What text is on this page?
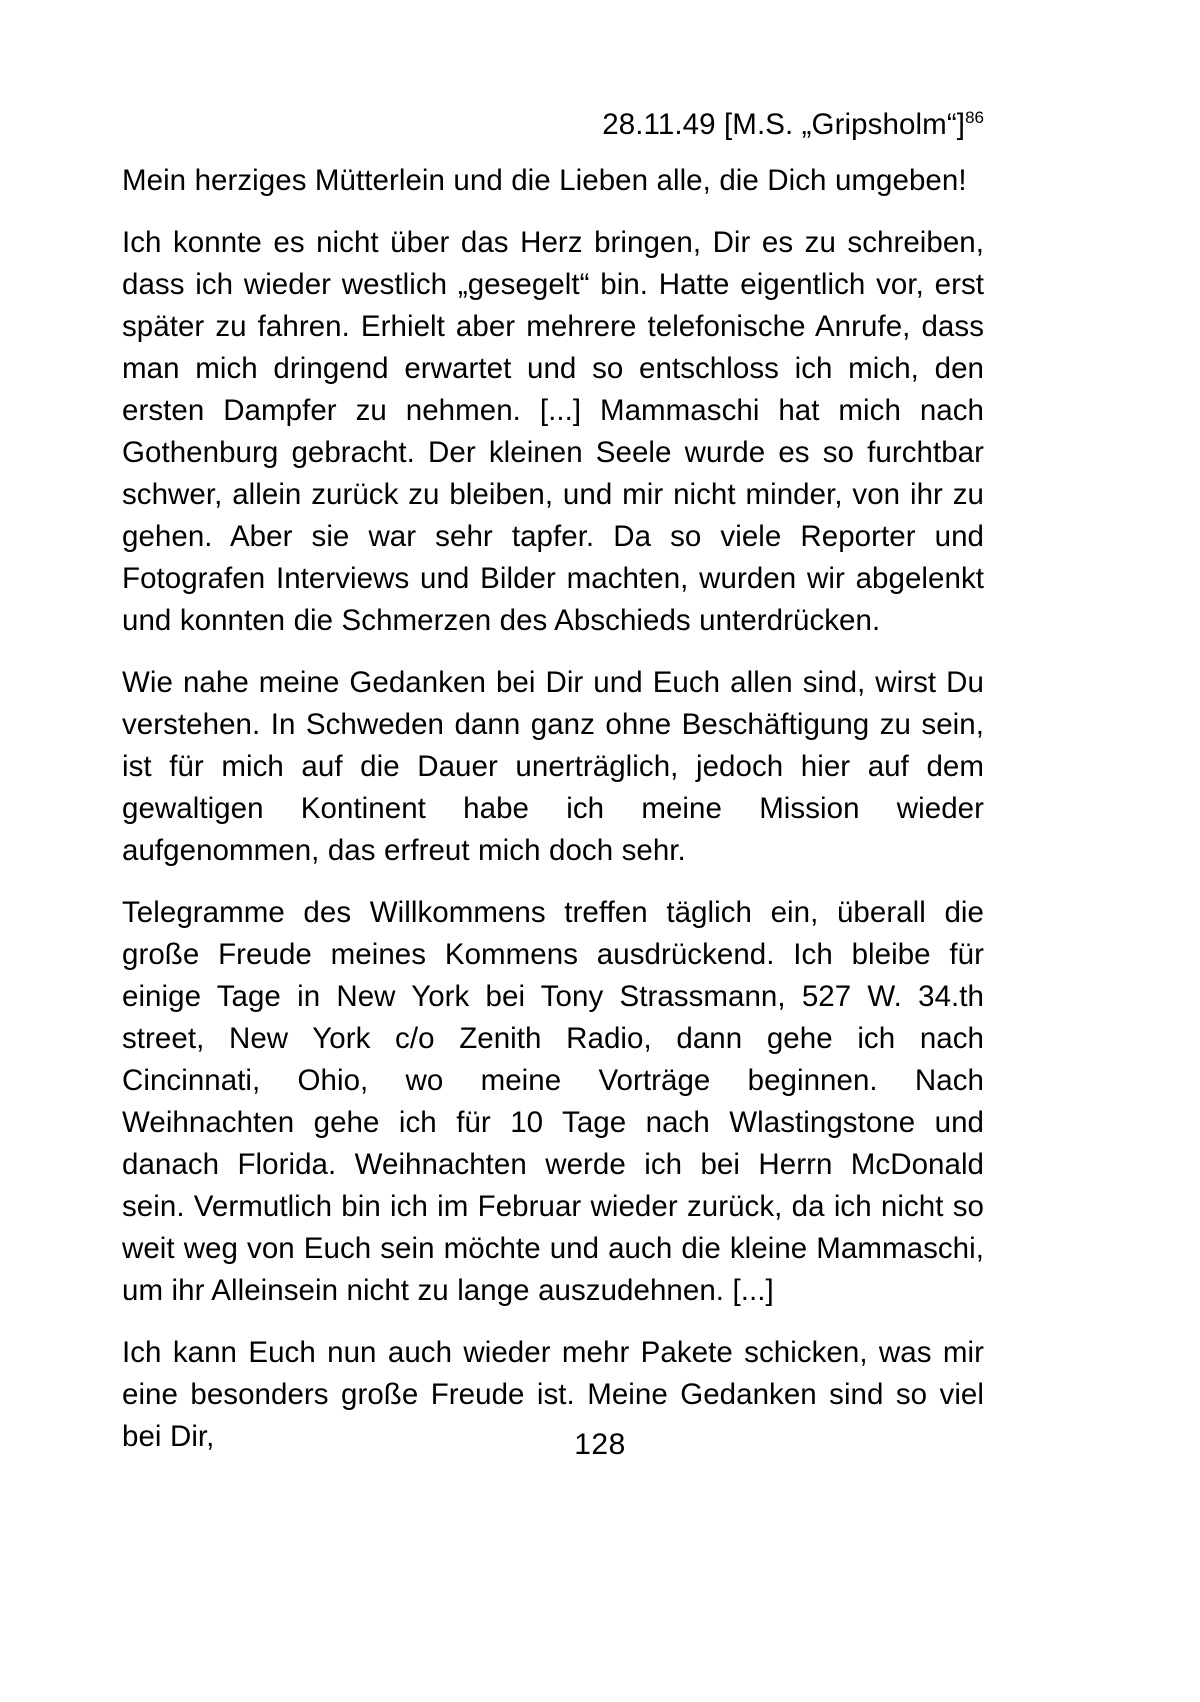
28.11.49 [M.S. „Gripsholm“]$^{86}$

Mein herziges Mütterlein und die Lieben alle, die Dich umgeben!

Ich konnte es nicht über das Herz bringen, Dir es zu schreiben, dass ich wieder westlich „gesegelt“ bin. Hatte eigentlich vor, erst später zu fahren. Erhielt aber mehrere telefonische Anrufe, dass man mich dringend erwartet und so entschloss ich mich, den ersten Dampfer zu nehmen. [...] Mammaschi hat mich nach Gothenburg gebracht. Der kleinen Seele wurde es so furchtbar schwer, allein zurück zu bleiben, und mir nicht minder, von ihr zu gehen. Aber sie war sehr tapfer. Da so viele Reporter und Fotografen Interviews und Bilder machten, wurden wir abgelenkt und konnten die Schmerzen des Abschieds unterdrücken.

Wie nahe meine Gedanken bei Dir und Euch allen sind, wirst Du verstehen. In Schweden dann ganz ohne Beschäftigung zu sein, ist für mich auf die Dauer unerträglich, jedoch hier auf dem gewaltigen Kontinent habe ich meine Mission wieder aufgenommen, das erfreut mich doch sehr.

Telegramme des Willkommens treffen täglich ein, überall die große Freude meines Kommens ausdrückend. Ich bleibe für einige Tage in New York bei Tony Strassmann, 527 W. 34.th street, New York c/o Zenith Radio, dann gehe ich nach Cincinnati, Ohio, wo meine Vorträge beginnen. Nach Weihnachten gehe ich für 10 Tage nach Wlastingstone und danach Florida. Weihnachten werde ich bei Herrn McDonald sein. Vermutlich bin ich im Februar wieder zurück, da ich nicht so weit weg von Euch sein möchte und auch die kleine Mammaschi, um ihr Alleinsein nicht zu lange auszudehnen. [...]

Ich kann Euch nun auch wieder mehr Pakete schicken, was mir eine besonders große Freude ist. Meine Gedanken sind so viel bei Dir,	128
